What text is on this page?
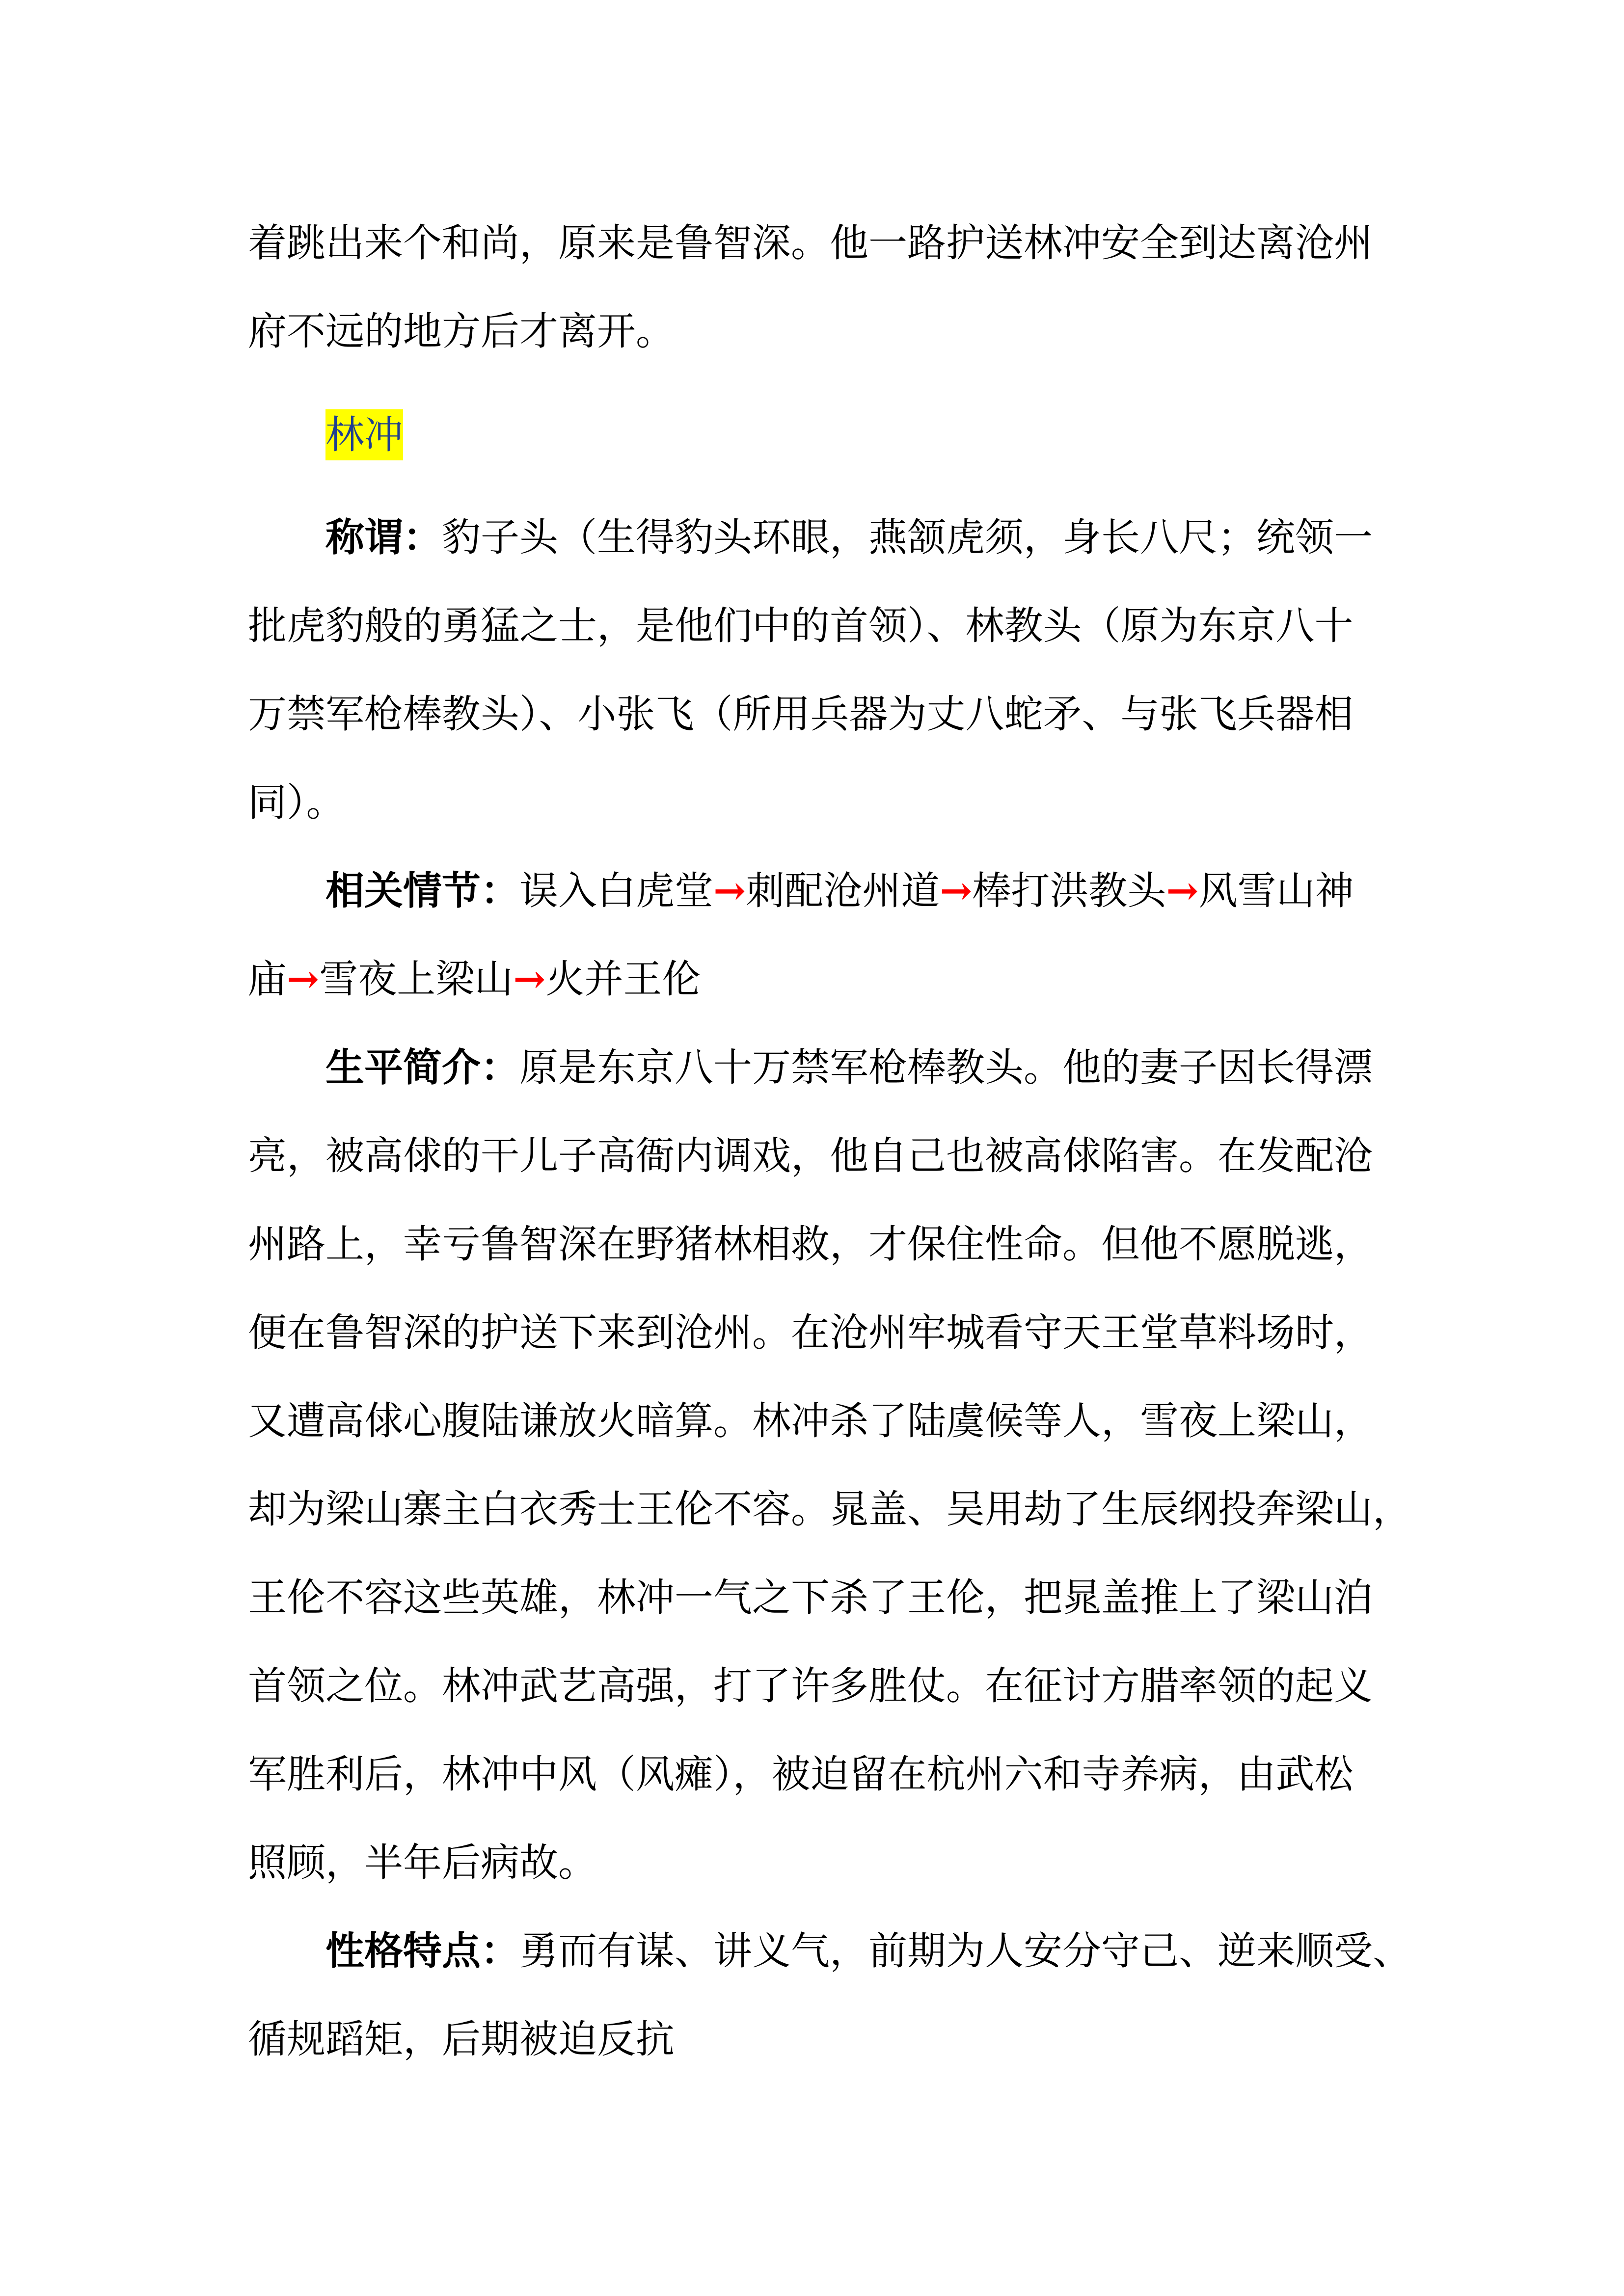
着跳出来个和尚，原来是鲁智深。他一路护送林冲安全到达离沧州
府不远的地方后才离开。
林冲
称谓：豹子头（生得豹头环眼，燕颔虎须，身长八尺；统领一
批虎豹般的勇猛之士，是他们中的首领）、林教头（原为东京八十
万禁军枪棒教头）、小张飞（所用兵器为丈八蛇矛、与张飞兵器相
同）。
相关情节：误入白虎堂→刺配沧州道→棒打洪教头→风雪山神
庙→雪夜上梁山→火并王伦
生平简介：原是东京八十万禁军枪棒教头。他的妻子因长得漂
亮，被高俅的干儿子高衙内调戏，他自己也被高俅陷害。在发配沧
州路上，幸亏鲁智深在野猪林相救，才保住性命。但他不愿脱逃，
便在鲁智深的护送下来到沧州。在沧州牢城看守天王堂草料场时，
又遭高俅心腹陆谦放火暗算。林冲杀了陆虞候等人，雪夜上梁山，
却为梁山寨主白衣秀士王伦不容。晁盖、吴用劫了生辰纲投奔梁山，
王伦不容这些英雄，林冲一气之下杀了王伦，把晁盖推上了梁山泊
首领之位。林冲武艺高强，打了许多胜仗。在征讨方腊率领的起义
军胜利后，林冲中风（风瘫），被迫留在杭州六和寺养病，由武松
照顾，半年后病故。
性格特点：勇而有谋、讲义气，前期为人安分守己、逆来顺受、
循规蹈矩，后期被迫反抗
